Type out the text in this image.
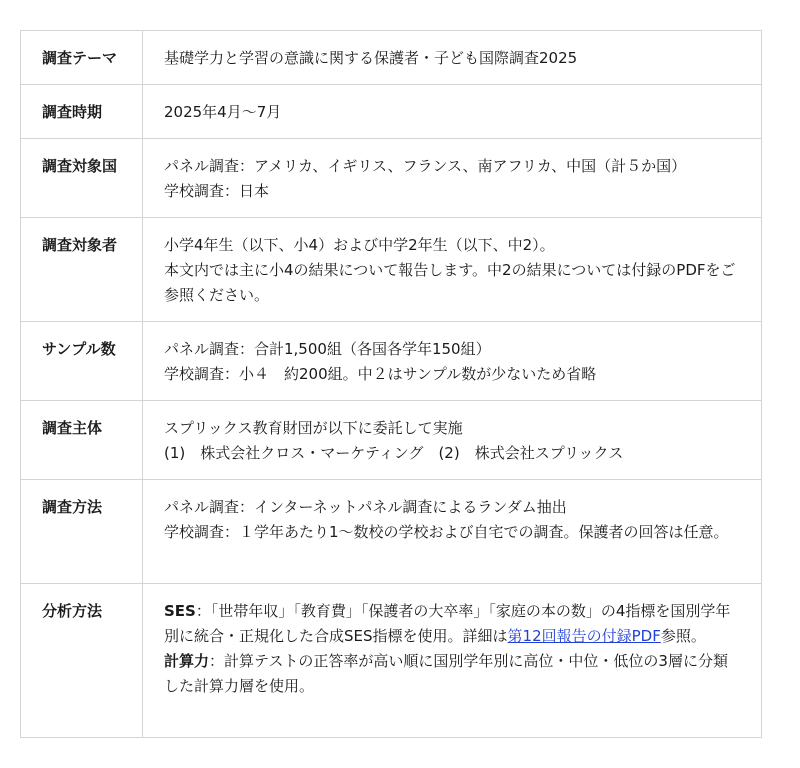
調査テーマ	基礎学力と学習の意識に関する保護者・子ども国際調査2025

調査時期	2025年4月〜7月

調査対象国	パネル調査：アメリカ、イギリス、フランス、南アフリカ、中国（計５か国）
学校調査：日本

調査対象者	小学4年生（以下、小4）および中学2年生（以下、中2）。
本文内では主に小4の結果について報告します。中2の結果については付録のPDFをご参照ください。

サンプル数	パネル調査：合計1,500組（各国各学年150組）
学校調査：小４　約200組。中２はサンプル数が少ないため省略

調査主体	スプリックス教育財団が以下に委託して実施
(1)　株式会社クロス・マーケティング　(2)　株式会社スプリックス

調査方法	パネル調査：インターネットパネル調査によるランダム抽出
学校調査：１学年あたり1〜数校の学校および自宅での調査。保護者の回答は任意。

分析方法	SES：「世帯年収」「教育費」「保護者の大卒率」「家庭の本の数」の4指標を国別学年別に統合・正規化した合成SES指標を使用。詳細は第12回報告の付録PDF参照。
計算力：計算テストの正答率が高い順に国別学年別に高位・中位・低位の3層に分類した計算力層を使用。
